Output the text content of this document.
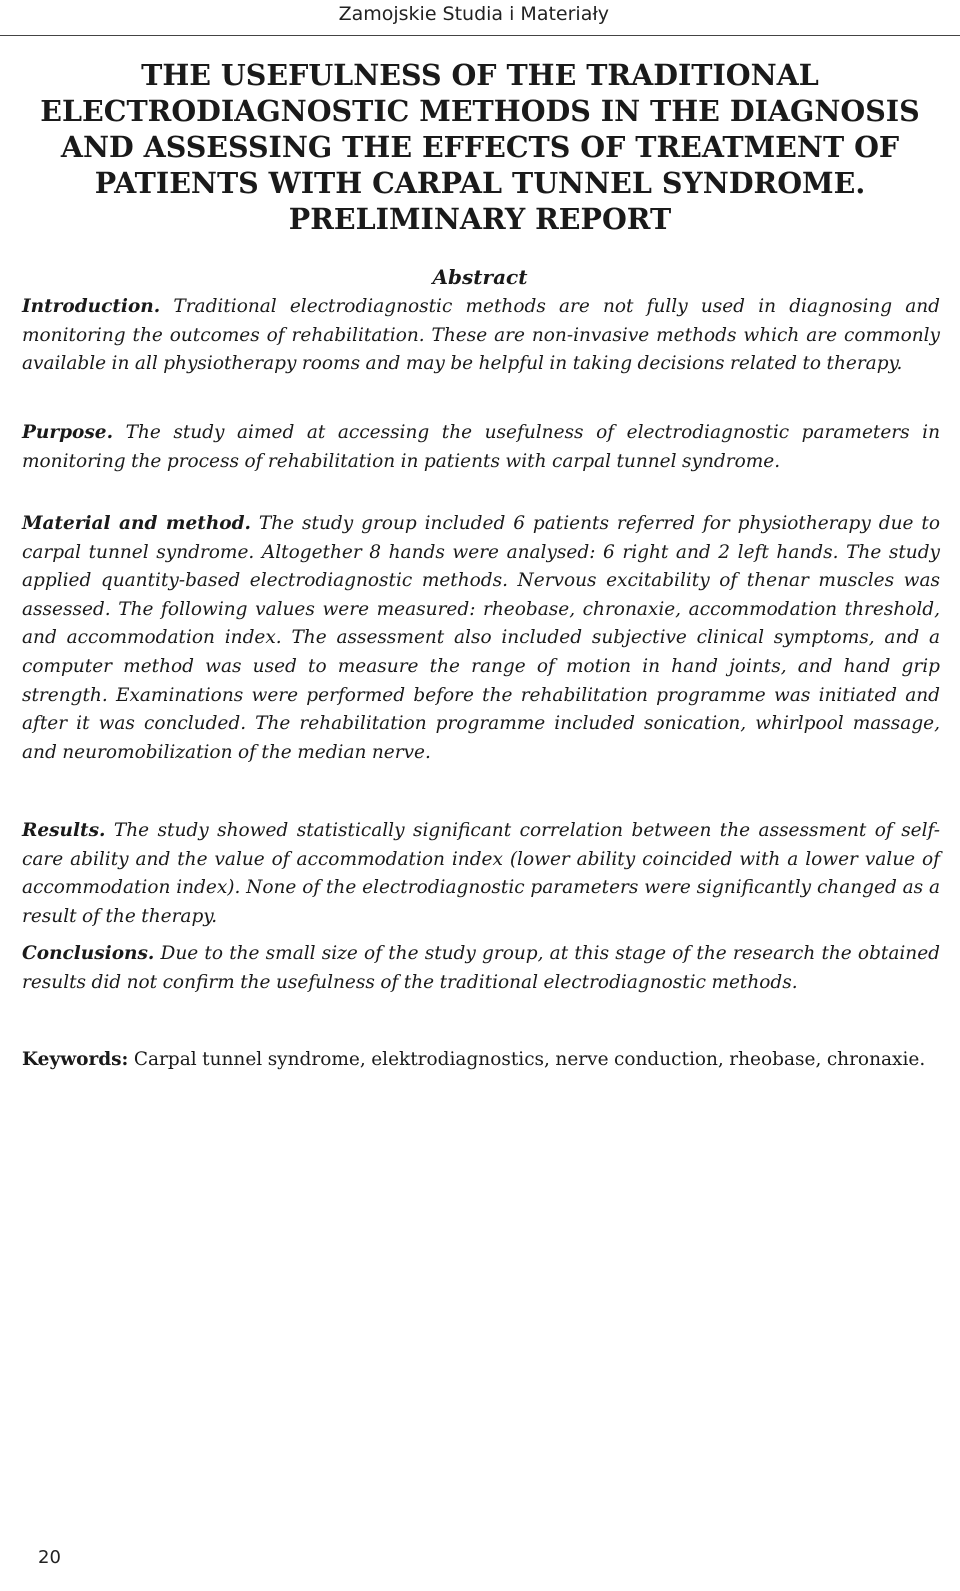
Zamojskie Studia i Materiały
THE USEFULNESS OF THE TRADITIONAL ELECTRODIAGNOSTIC METHODS IN THE DIAGNOSIS AND ASSESSING THE EFFECTS OF TREATMENT OF PATIENTS WITH CARPAL TUNNEL SYNDROME. PRELIMINARY REPORT
Abstract

Introduction. Traditional electrodiagnostic methods are not fully used in diagnosing and monitoring the outcomes of rehabilitation. These are non-invasive methods which are commonly available in all physiotherapy rooms and may be helpful in taking decisions related to therapy.

Purpose. The study aimed at accessing the usefulness of electrodiagnostic parameters in monitoring the process of rehabilitation in patients with carpal tunnel syndrome.

Material and method. The study group included 6 patients referred for physiotherapy due to carpal tunnel syndrome. Altogether 8 hands were analysed: 6 right and 2 left hands. The study applied quantity-based electrodiagnostic methods. Nervous excitability of thenar muscles was assessed. The following values were measured: rheobase, chronaxie, accommodation threshold, and accommodation index. The assessment also included subjective clinical symptoms, and a computer method was used to measure the range of motion in hand joints, and hand grip strength. Examinations were performed before the rehabilitation programme was initiated and after it was concluded. The rehabilitation programme included sonication, whirlpool massage, and neuromobilization of the median nerve.

Results. The study showed statistically significant correlation between the assessment of self-care ability and the value of accommodation index (lower ability coincided with a lower value of accommodation index). None of the electrodiagnostic parameters were significantly changed as a result of the therapy.

Conclusions. Due to the small size of the study group, at this stage of the research the obtained results did not confirm the usefulness of the traditional electrodiagnostic methods.

Keywords: Carpal tunnel syndrome, elektrodiagnostics, nerve conduction, rheobase, chronaxie.

20
